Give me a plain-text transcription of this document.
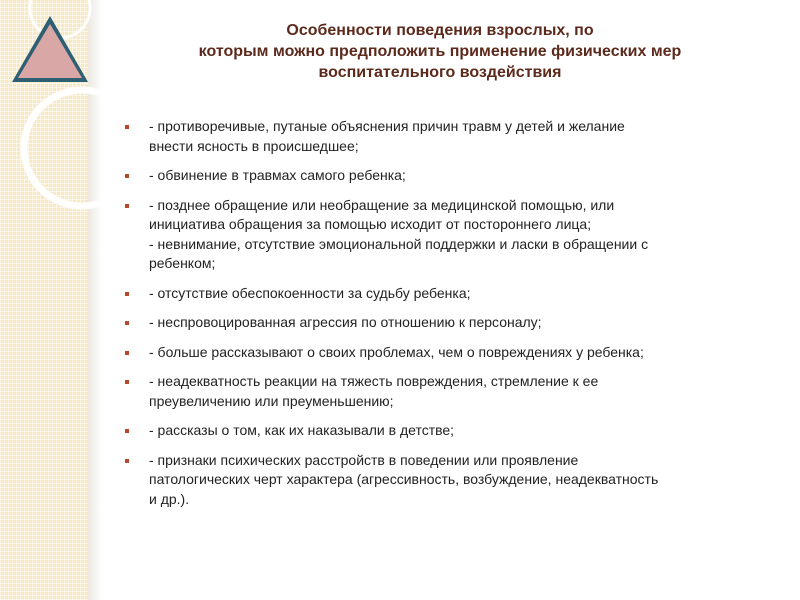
Особенности поведения взрослых, по
которым можно предположить применение физических мер
воспитательного воздействия
- противоречивые, путаные объяснения причин травм у детей и желание
внести ясность в происшедшее;
- обвинение в травмах самого ребенка;
- позднее обращение или необращение за медицинской помощью, или
инициатива обращения за помощью исходит от постороннего лица;
- невнимание, отсутствие эмоциональной поддержки и ласки в обращении с
ребенком;
- отсутствие обеспокоенности за судьбу ребенка;
- неспровоцированная агрессия по отношению к персоналу;
- больше рассказывают о своих проблемах, чем о повреждениях у ребенка;
- неадекватность реакции на тяжесть повреждения, стремление к ее
преувеличению или преуменьшению;
- рассказы о том, как их наказывали в детстве;
- признаки психических расстройств в поведении или проявление
патологических черт характера (агрессивность, возбуждение, неадекватность
и др.).
